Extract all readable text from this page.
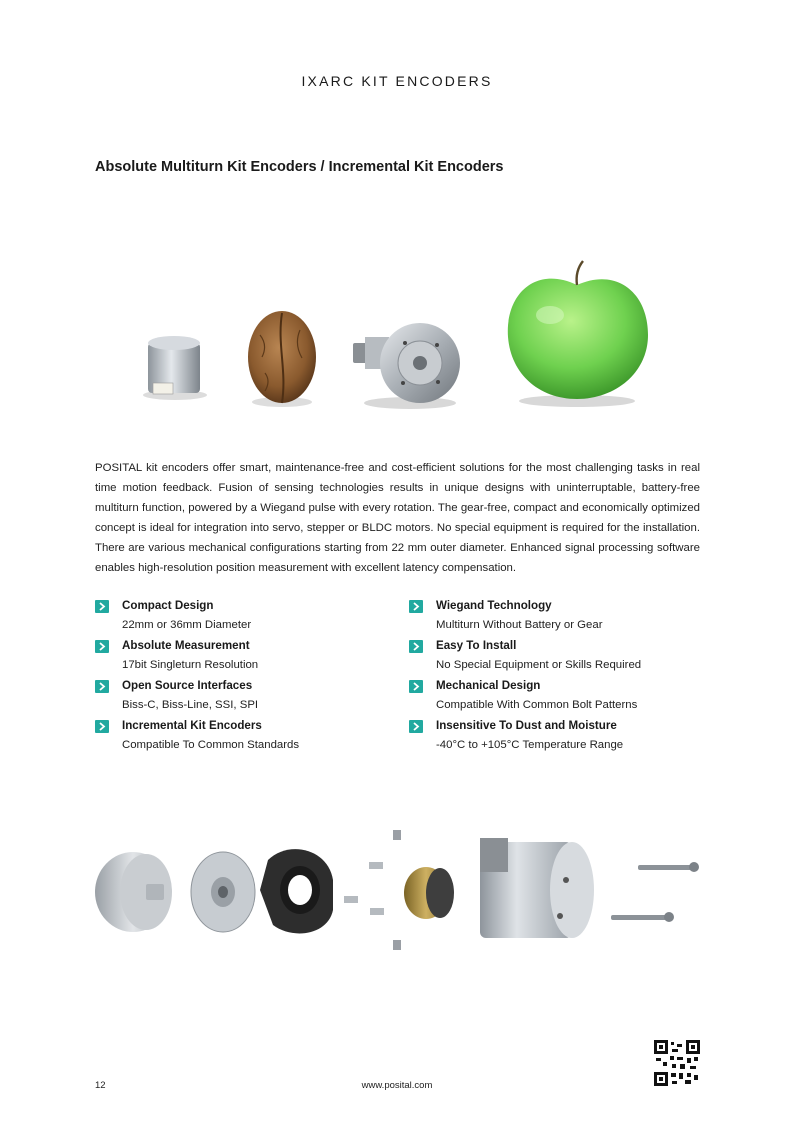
IXARC KIT ENCODERS
Absolute Multiturn Kit Encoders / Incremental Kit Encoders
POSITAL kit encoders offer smart, maintenance-free and cost-efficient solutions for the most challenging tasks in real time motion feedback. Fusion of sensing technologies results in unique designs with uninterruptable, battery-free multiturn function, powered by a Wiegand pulse with every rotation. The gear-free, compact and economically optimized concept is ideal for integration into servo, stepper or BLDC motors. No special equipment is required for the installation. There are various mechanical configurations starting from 22 mm outer diameter. Enhanced signal processing software enables high-resolution position measurement with excellent latency compensation.
Compact Design
22mm or 36mm Diameter
Absolute Measurement
17bit Singleturn Resolution
Open Source Interfaces
Biss-C, Biss-Line, SSI, SPI
Incremental Kit Encoders
Compatible To Common Standards
Wiegand Technology
Multiturn Without Battery or Gear
Easy To Install
No Special Equipment or Skills Required
Mechanical Design
Compatible With Common Bolt Patterns
Insensitive To Dust and Moisture
-40°C to +105°C Temperature Range
12	www.posital.com
